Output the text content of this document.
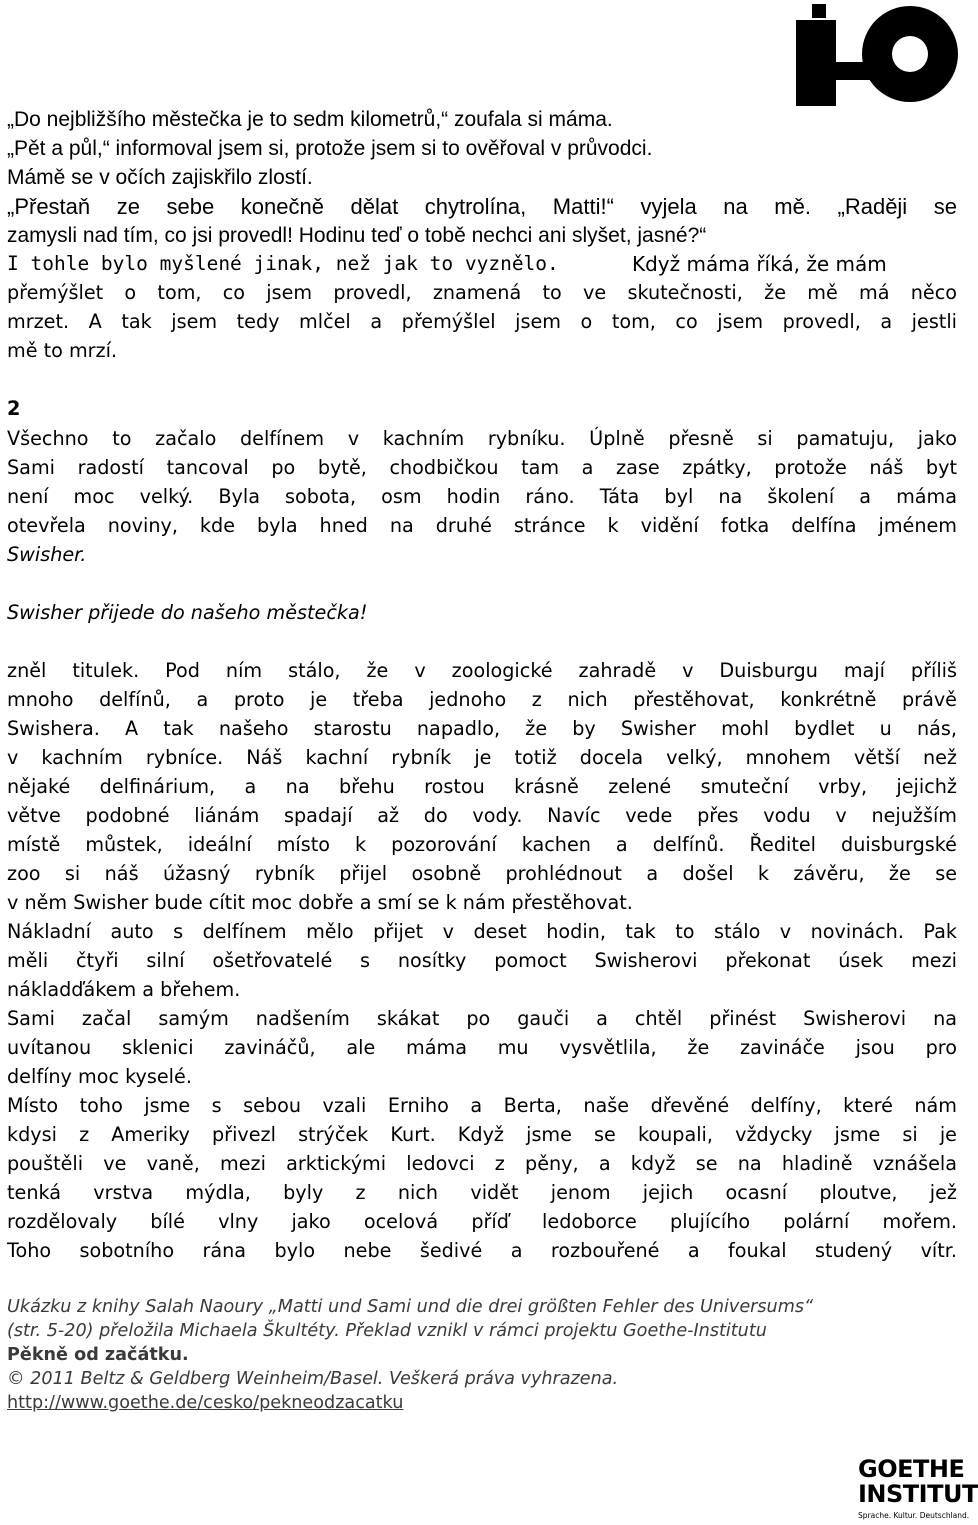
„Do nejbližšího městečka je to sedm kilometrů,“ zoufala si máma.
„Pět a půl,“ informoval jsem si, protože jsem si to ověřoval v průvodci.
Mámě se v očích zajiskřilo zlostí.
„Přestaň ze sebe konečně dělat chytrolína, Matti!“ vyjela na mě. „Raději se
zamysli nad tím, co jsi provedl! Hodinu teď o tobě nechci ani slyšet, jasné?“
I tohle bylo myšlené jinak, než jak to vyznělo.	Když máma říká, že mám
přemýšlet o tom, co jsem provedl, znamená to ve skutečnosti, že mě má něco
mrzet. A tak jsem tedy mlčel a přemýšlel jsem o tom, co jsem provedl, a jestli
mě to mrzí.
2
Všechno to začalo delfínem v kachním rybníku. Úplně přesně si pamatuju, jako
Sami radostí tancoval po bytě, chodbičkou tam a zase zpátky, protože náš byt
není moc velký. Byla sobota, osm hodin ráno. Táta byl na školení a máma
otevřela noviny, kde byla hned na druhé stránce k vidění fotka delfína jménem
Swisher.
Swisher přijede do našeho městečka!
zněl titulek. Pod ním stálo, že v zoologické zahradě v Duisburgu mají příliš
mnoho delfínů, a proto je třeba jednoho z nich přestěhovat, konkrétně právě
Swishera. A tak našeho starostu napadlo, že by Swisher mohl bydlet u nás,
v kachním rybníce. Náš kachní rybník je totiž docela velký, mnohem větší než
nějaké delfinárium, a na břehu rostou krásně zelené smuteční vrby, jejichž
větve podobné liánám spadají až do vody. Navíc vede přes vodu v nejužším
místě můstek, ideální místo k pozorování kachen a delfínů. Ředitel duisburgské
zoo si náš úžasný rybník přijel osobně prohlédnout a došel k závěru, že se
v něm Swisher bude cítit moc dobře a smí se k nám přestěhovat.
Nákladní auto s delfínem mělo přijet v deset hodin, tak to stálo v novinách. Pak
měli čtyři silní ošetřovatelé s nosítky pomoct Swisherovi překonat úsek mezi
nákladďákem a břehem.
Sami začal samým nadšením skákat po gauči a chtěl přinést Swisherovi na
uvítanou sklenici zavináčů, ale máma mu vysvětlila, že zavináče jsou pro
delfíny moc kyselé.
Místo toho jsme s sebou vzali Erniho a Berta, naše dřevěné delfíny, které nám
kdysi z Ameriky přivezl strýček Kurt. Když jsme se koupali, vždycky jsme si je
pouštěli ve vaně, mezi arktickými ledovci z pěny, a když se na hladině vznášela
tenká vrstva mýdla, byly z nich vidět jenom jejich ocasní ploutve, jež
rozdělovaly bílé vlny jako ocelová příď ledoborce plujícího polární mořem.
Toho sobotního rána bylo nebe šedivé a rozbouřené a foukal studený vítr.
Ukázku z knihy Salah Naoury „Matti und Sami und die drei größten Fehler des Universums“
(str. 5-20) přeložila Michaela Škultéty. Překlad vznikl v rámci projektu Goethe-Institutu
Pěkně od začátku.
© 2011 Beltz & Geldberg Weinheim/Basel. Veškerá práva vyhrazena.
http://www.goethe.de/cesko/pekneodzacatku
GOETHE
INSTITUT
Sprache. Kultur. Deutschland.
